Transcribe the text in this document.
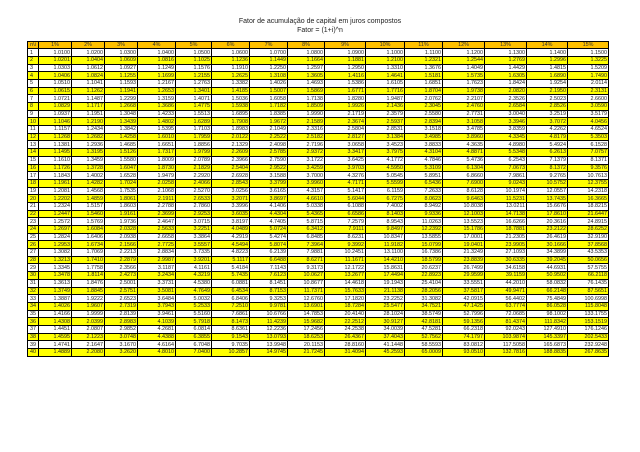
Fator de acumulação de capital em juros compostos
Fator = (1+i)^n
n\i	1%	2%	3%	4%	5%	6%	7%	8%	9%	10%	11%	12%	13%	14%	15%
1	1.0100	1.0200	1.0300	1.0400	1.0500	1.0600	1.0700	1.0800	1.0900	1.1000	1.1100	1.1200	1.1300	1.1400	1.1500
2	1.0201	1.0404	1.0609	1.0816	1.1025	1.1236	1.1449	1.1664	1.1881	1.2100	1.2321	1.2544	1.2769	1.2996	1.3225
3	1.0303	1.0612	1.0927	1.1249	1.1576	1.1910	1.2250	1.2597	1.2950	1.3310	1.3676	1.4049	1.4429	1.4815	1.5209
4	1.0406	1.0824	1.1255	1.1699	1.2155	1.2625	1.3108	1.3605	1.4116	1.4641	1.5181	1.5735	1.6305	1.6890	1.7490
5	1.0510	1.1041	1.1593	1.2167	1.2763	1.3382	1.4026	1.4693	1.5386	1.6105	1.6851	1.7623	1.8424	1.9254	2.0114
6	1.0615	1.1262	1.1941	1.2653	1.3401	1.4185	1.5007	1.5869	1.6771	1.7716	1.8704	1.9738	2.0820	2.1950	2.3131
7	1.0721	1.1487	1.2299	1.3159	1.4071	1.5036	1.6058	1.7138	1.8280	1.9487	2.0762	2.2107	2.3526	2.5023	2.6600
8	1.0829	1.1717	1.2668	1.3686	1.4775	1.5938	1.7182	1.8509	1.9926	2.1436	2.3045	2.4760	2.6584	2.8526	3.0590
9	1.0937	1.1951	1.3048	1.4233	1.5513	1.6895	1.8385	1.9990	2.1719	2.3579	2.5580	2.7731	3.0040	3.2519	3.5179
10	1.1046	1.2190	1.3439	1.4802	1.6289	1.7908	1.9672	2.1589	2.3674	2.5937	2.8394	3.1058	3.3946	3.7072	4.0456
11	1.1157	1.2434	1.3842	1.5395	1.7103	1.8983	2.1049	2.3316	2.5804	2.8531	3.1518	3.4785	3.8359	4.2262	4.6524
12	1.1268	1.2682	1.4258	1.6010	1.7959	2.0122	2.2522	2.5182	2.8127	3.1384	3.4985	3.8960	4.3345	4.8179	5.3503
13	1.1381	1.2936	1.4685	1.6651	1.8856	2.1329	2.4098	2.7196	3.0658	3.4523	3.8833	4.3635	4.8980	5.4924	6.1528
14	1.1495	1.3195	1.5126	1.7317	1.9799	2.2609	2.5785	2.9372	3.3417	3.7975	4.3104	4.8871	5.5348	6.2613	7.0757
15	1.1610	1.3459	1.5580	1.8009	2.0789	2.3966	2.7590	3.1722	3.6425	4.1772	4.7846	5.4736	6.2543	7.1379	8.1371
16	1.1726	1.3728	1.6047	1.8730	2.1829	2.5404	2.9522	3.4259	3.9703	4.5950	5.3109	6.1304	7.0673	8.1372	9.3576
17	1.1843	1.4002	1.6528	1.9479	2.2920	2.6928	3.1588	3.7000	4.3276	5.0545	5.8951	6.8660	7.9861	9.2765	10.7613
18	1.1961	1.4282	1.7024	2.0258	2.4066	2.8543	3.3799	3.9960	4.7171	5.5599	6.5436	7.6900	9.0243	10.5752	12.3755
19	1.2081	1.4568	1.7535	2.1068	2.5270	3.0256	3.6165	4.3157	5.1417	6.1159	7.2633	8.6128	10.1974	12.0557	14.2318
20	1.2202	1.4859	1.8061	2.1911	2.6533	3.2071	3.8697	4.6610	5.6044	6.7275	8.0623	9.6463	11.5231	13.7435	16.3665
21	1.2324	1.5157	1.8603	2.2788	2.7860	3.3996	4.1406	5.0338	6.1088	7.4002	8.9492	10.8038	13.0211	15.6676	18.8215
22	1.2447	1.5460	1.9161	2.3699	2.9253	3.6035	4.4304	5.4365	6.6586	8.1403	9.9336	12.1003	14.7138	17.8610	21.6447
23	1.2572	1.5769	1.9736	2.4647	3.0715	3.8197	4.7405	5.8715	7.2579	8.9543	11.0263	13.5523	16.6266	20.3616	24.8915
24	1.2697	1.6084	2.0328	2.5633	3.2251	4.0489	5.0724	6.3412	7.9111	9.8497	12.2392	15.1786	18.7881	23.2122	28.6252
25	1.2824	1.6406	2.0938	2.6658	3.3864	4.2919	5.4274	6.8485	8.6231	10.8347	13.5855	17.0001	21.2305	26.4619	32.9190
26	1.2953	1.6734	2.1566	2.7725	3.5557	4.5494	5.8074	7.3964	9.3992	11.9182	15.0799	19.0401	23.9905	30.1666	37.8568
27	1.3082	1.7069	2.2213	2.8834	3.7335	4.8223	6.2139	7.9881	10.2451	13.1100	16.7386	21.3249	27.1093	34.3899	43.5353
28	1.3213	1.7410	2.2879	2.9987	3.9201	5.1117	6.6488	8.6271	11.1671	14.4210	18.5799	23.8839	30.6335	39.2045	50.0656
29	1.3345	1.7758	2.3566	3.1187	4.1161	5.4184	7.1143	9.3173	12.1722	15.8631	20.6237	26.7499	34.6158	44.6931	57.5755
30	1.3478	1.8114	2.4273	3.2434	4.3219	5.7435	7.6123	10.0627	13.2677	17.4494	22.8923	29.9599	39.1159	50.9502	66.2118
31	1.3613	1.8476	2.5001	3.3731	4.5380	6.0881	8.1451	10.8677	14.4618	19.1943	25.4104	33.5551	44.2010	58.0832	76.1435
32	1.3749	1.8845	2.5751	3.5081	4.7649	6.4534	8.7153	11.7371	15.7633	21.1138	28.2056	37.5817	49.9471	66.2148	87.5651
33	1.3887	1.9222	2.6523	3.6484	5.0032	6.8406	9.3253	12.6760	17.1820	23.2252	31.3082	42.0915	56.4402	75.4849	100.6998
34	1.4026	1.9607	2.7319	3.7943	5.2533	7.2510	9.9781	13.6901	18.7284	25.5477	34.7521	47.1425	63.7774	86.0528	115.8048
35	1.4166	1.9999	2.8139	3.9461	5.5160	7.6861	10.6766	14.7853	20.4140	28.1024	38.5749	52.7996	72.0685	98.1002	133.1755
36	1.4308	2.0399	2.8983	4.1039	5.7918	8.1473	11.4239	15.9682	22.2512	30.9127	42.8181	59.1356	81.4374	111.8342	153.1519
37	1.4451	2.0807	2.9852	4.2681	6.0814	8.6361	12.2236	17.2456	24.2538	34.0039	47.5281	66.2318	92.0243	127.4910	176.1246
38	1.4595	2.1223	3.0748	4.4388	6.3855	9.1543	13.0793	18.6253	26.4367	37.4043	52.7562	74.1797	103.9874	145.3397	202.5433
39	1.4741	2.1647	3.1670	4.6164	6.7048	9.7035	13.9948	20.1153	28.8160	41.1448	58.5593	83.0812	117.5058	165.6873	232.9248
40	1.4889	2.2080	3.2620	4.8010	7.0400	10.2857	14.9745	21.7245	31.4094	45.2593	65.0009	93.0510	132.7816	188.8835	267.8635
